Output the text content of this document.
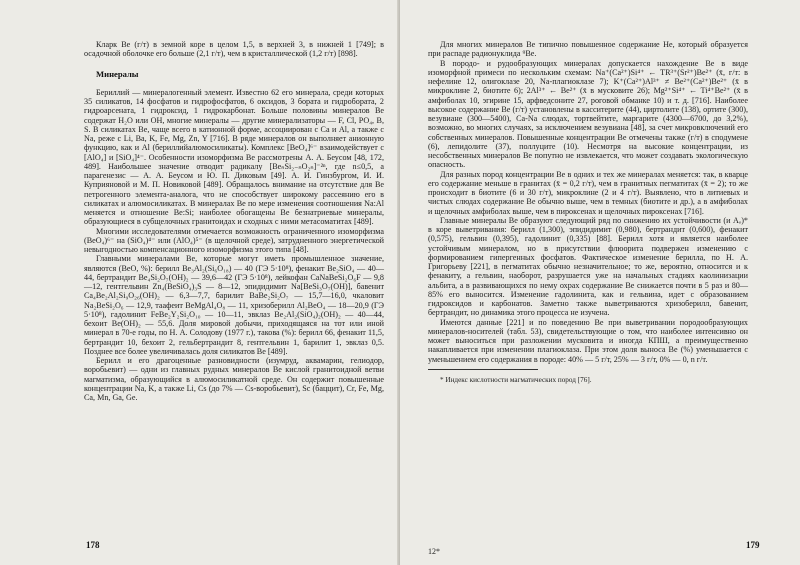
Кларк Ве (г/т) в земной коре в целом 1,5, в верхней 3, в нижней 1 [749]; в осадочной оболочке его больше (2,1 г/т), чем в кристаллической (1,2 г/т) [898].

Минералы

Бериллий — минералогенный элемент. Известно 62 его минерала, среди которых 35 силикатов, 14 фосфатов и гидрофосфатов, 6 оксидов, 3 бората и гидробората, 2 гидроарсената, 1 гидроксид, 1 гидрокарбонат. Больше половины минералов Ве содержат H₂O или OH, многие минералы — другие минерализаторы — F, Cl, PO₄, B, S. В силикатах Ве, чаще всего в катионной форме, ассоциирован с Са и Al, а также с Na, реже с Li, Ba, K, Fe, Mg, Zn, Y [716]. В ряде минералов он выполняет анионную функцию, как и Al (бериллийалюмосиликаты). Комплекс [BeO₄]⁶⁻ взаимодействует с [AlO₄] и [SiO₄]⁴⁻. Особенности изоморфизма Ве рассмотрены А. А. Беусом [48, 172, 489]. Наибольшее значение отводит радикалу [BeₙSi₂₋ₙO₂ₙ]⁻²ⁿ, где n≤0,5, а парагенезис — А. А. Беусом и Ю. П. Диковым [49]. А. И. Гинзбургом, И. И. Куприяновой и М. П. Новиковой [489]. Обращалось внимание на отсутствие для Ве петрогенного элемента-аналога, что не способствует широкому рассеянию его в силикатах и алюмосиликатах. В минералах Ве по мере изменения соотношения Na:Al меняется и отношение Be:Si; наиболее обогащены Ве безнатриевые минералы, образующиеся в субщелочных гранитоидах и сходных с ними метасоматитах [489].

Многими исследователями отмечается возможность ограниченного изоморфизма (BeO₄)⁶⁻ на (SiO₄)⁴⁻ или (AlO₄)⁵⁻ (в щелочной среде), затрудненного энергетической невыгодностью компенсационного изоморфизма этого типа [48].

Главными минералами Ве, которые могут иметь промышленное значение, являются (BeO, %): берилл Be₃Al₂(Si₆O₁₈) — 40 (ГЭ 5·10⁸), фенакит Be₂SiO₄ — 40—44, бертрандит Be₄Si₂O₇(OH)₂ — 39,6—42 (ГЭ 5·10⁸), лейкофан CaNaBeSi₂O₆F — 9,8—12, гентгельвин Zn₄(BeSiO₄)₃S — 8—12, эпидидимит Na[BeSi₃O₇(OH)], бавенит Ca₄Be₂Al₂Si₉O₂₆(OH)₂ — 6,3—7,7, барилит BaBe₂Si₂O₇ — 15,7—16,0, чкаловит Na₂BeSi₂O₆ — 12,9, таафеит BeMgAl₄O₈ — 11, хризоберилл Al₂BeO₄ — 18—20,9 (ГЭ 5·10⁸), гадолинит FeBe₂Y₂Si₂O₁₀ — 10—11, эвклаз Be₂Al₂(SiO₄)₂(OH)₂ — 40—44, бехоит Be(OH)₂ — 55,6. Доля мировой добычи, приходящаяся на тот или иной минерал в 70-е годы, по Н. А. Солодову (1977 г.), такова (%): берилл 66, фенакит 11,5, бертрандит 10, бехоит 2, гельбертрандит 8, гентгельвин 1, барилит 1, эвклаз 0,5. Позднее все более увеличивалась доля силикатов Ве [489].

Берилл и его драгоценные разновидности (изумруд, аквамарин, гелиодор, воробьевит) — одни из главных рудных минералов Ве кислой гранитоидной ветви магматизма, образующийся в алюмосиликатной среде. Он содержит повышенные концентрации Na, K, а также Li, Cs (до 7% — Cs-воробьевит), Sc (баццит), Cr, Fe, Mg, Ca, Mn, Ga, Ge.

Для многих минералов Ве типично повышенное содержание He, который образуется при распаде радионуклида ⁹Be.

В породо- и рудообразующих минералах допускается нахождение Ве в виде изоморфной примеси по нескольким схемам: Na⁺(Ca²⁺)Si⁴⁺ ← TR³⁺(Sr²⁺)Be²⁺ (x̄, г/т: в нефелине 12, олигоклазе 20, Na-плагиоклазе 7); K⁺(Ca²⁺)Al³⁺ ≠ Be²⁺(Ca²⁺)Be²⁺ (x̄ в микроклине 2, биотите 6); 2Al³⁺ ← Be²⁺ (x̄ в мусковите 26); Mg²⁺Si⁴⁺ ← Ti⁴⁺Be²⁺ (x̄ в амфиболах 10, эгирине 15, арфведсоните 27, роговой обманке 10) и т. д. [716]. Наиболее высокое содержание Ве (г/т) установлены в касситерите (44), циртолите (138), ортите (300), везувиане (300—5400), Ca-Na слюдах, тортвейтите, маргарите (4300—6700, до 3,2%), возможно, во многих случаях, за исключением везувиана [48], за счет микровключений его собственных минералов. Повышенные концентрации Ве отмечены также (г/т) в сподумене (6), лепидолите (37), поллуците (10). Несмотря на высокие концентрации, из несобственных минералов Ве попутно не извлекается, что может создавать экологическую опасность.

Для разных пород концентрации Ве в одних и тех же минералах меняется: так, в кварце его содержание меньше в гранитах (x̄ = 0,2 г/т), чем в гранитных пегматитах (x̄ = 2); то же происходит в биотите (6 и 30 г/т), микроклине (2 и 4 г/т). Выявлено, что в литиевых и чистых слюдах содержание Ве обычно выше, чем в темных (биотите и др.), а в амфиболах и щелочных амфиболах выше, чем в пироксенах и щелочных пироксенах [716].

Главные минералы Ве образуют следующий ряд по снижению их устойчивости (и Aₒ)* в коре выветривания: берилл (1,300), эпидидимит (0,980), бертрандит (0,600), фенакит (0,575), гельвин (0,395), гадолинит (0,335) [88]. Берилл хотя и является наиболее устойчивым минералом, но в присутствии флюорита подвержен изменению с формированием гипергенных фосфатов. Фактическое изменение берилла, по Н. А. Григорьеву [221], в пегматитах обычно незначительное; то же, вероятно, относится и к фенакиту, а гельвин, наоборот, разрушается уже на начальных стадиях каолинизации альбита, а в развивающихся по нему охрах содержание Ве снижается почти в 5 раз и 80—85% его выносится. Изменение гадолинита, как и гельвина, идет с образованием гидроксидов и карбонатов. Заметно также выветриваются хризоберилл, бавенит, бертрандит, но динамика этого процесса не изучена.

Имеются данные [221] и по поведению Ве при выветривании породообразующих минералов-носителей (табл. 53), свидетельствующие о том, что наиболее интенсивно он может выноситься при разложении мусковита и иногда КПШ, а преимущественно накапливается при изменении плагиоклаза. При этом доля выноса Ве (%) уменьшается с уменьшением его содержания в породе: 40% — 5 г/т, 25% — 3 г/т, 0% — 0, n г/т.

* Индекс кислотности магматических пород [76].

178
12*
179
